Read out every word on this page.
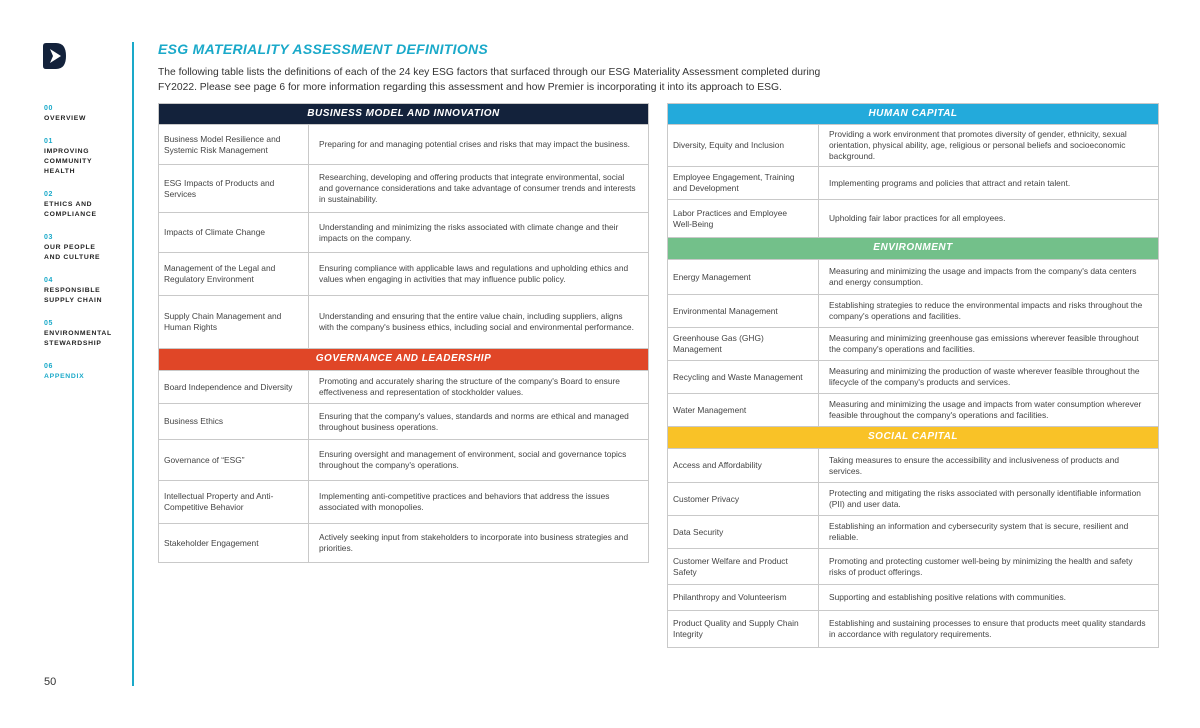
00
OVERVIEW
01
IMPROVING
COMMUNITY
HEALTH
02
ETHICS AND
COMPLIANCE
03
OUR PEOPLE
AND CULTURE
04
RESPONSIBLE
SUPPLY CHAIN
05
ENVIRONMENTAL
STEWARDSHIP
06
APPENDIX
50
ESG MATERIALITY ASSESSMENT DEFINITIONS

The following table lists the definitions of each of the 24 key ESG factors that surfaced through our ESG Materiality Assessment completed during FY2022. Please see page 6 for more information regarding this assessment and how Premier is incorporating it into its approach to ESG.

BUSINESS MODEL AND INNOVATION	
Business Model Resilience and Systemic Risk Management	Preparing for and managing potential crises and risks that may impact the business.
ESG Impacts of Products and Services	Researching, developing and offering products that integrate environmental, social and governance considerations and take advantage of consumer trends and interests in sustainability.
Impacts of Climate Change	Understanding and minimizing the risks associated with climate change and their impacts on the company.
Management of the Legal and Regulatory Environment	Ensuring compliance with applicable laws and regulations and upholding ethics and values when engaging in activities that may influence public policy.
Supply Chain Management and Human Rights	Understanding and ensuring that the entire value chain, including suppliers, aligns with the company's business ethics, including social and environmental performance.
GOVERNANCE AND LEADERSHIP	
Board Independence and Diversity	Promoting and accurately sharing the structure of the company's Board to ensure effectiveness and representation of stockholder values.
Business Ethics	Ensuring that the company's values, standards and norms are ethical and managed throughout business operations.
Governance of “ESG”	Ensuring oversight and management of environment, social and governance topics throughout the company's operations.
Intellectual Property and Anti-Competitive Behavior	Implementing anti-competitive practices and behaviors that address the issues associated with monopolies.
Stakeholder Engagement	Actively seeking input from stakeholders to incorporate into business strategies and priorities.
HUMAN CAPITAL	
Diversity, Equity and Inclusion	Providing a work environment that promotes diversity of gender, ethnicity, sexual orientation, physical ability, age, religious or personal beliefs and socioeconomic background.
Employee Engagement, Training and Development	Implementing programs and policies that attract and retain talent.
Labor Practices and Employee Well-Being	Upholding fair labor practices for all employees.
ENVIRONMENT	
Energy Management	Measuring and minimizing the usage and impacts from the company's data centers and energy consumption.
Environmental Management	Establishing strategies to reduce the environmental impacts and risks throughout the company's operations and facilities.
Greenhouse Gas (GHG) Management	Measuring and minimizing greenhouse gas emissions wherever feasible throughout the company's operations and facilities.
Recycling and Waste Management	Measuring and minimizing the production of waste wherever feasible throughout the lifecycle of the company's products and services.
Water Management	Measuring and minimizing the usage and impacts from water consumption wherever feasible throughout the company's operations and facilities.
SOCIAL CAPITAL	
Access and Affordability	Taking measures to ensure the accessibility and inclusiveness of products and services.
Customer Privacy	Protecting and mitigating the risks associated with personally identifiable information (PII) and user data.
Data Security	Establishing an information and cybersecurity system that is secure, resilient and reliable.
Customer Welfare and Product Safety	Promoting and protecting customer well-being by minimizing the health and safety risks of product offerings.
Philanthropy and Volunteerism	Supporting and establishing positive relations with communities.
Product Quality and Supply Chain Integrity	Establishing and sustaining processes to ensure that products meet quality standards in accordance with regulatory requirements.
